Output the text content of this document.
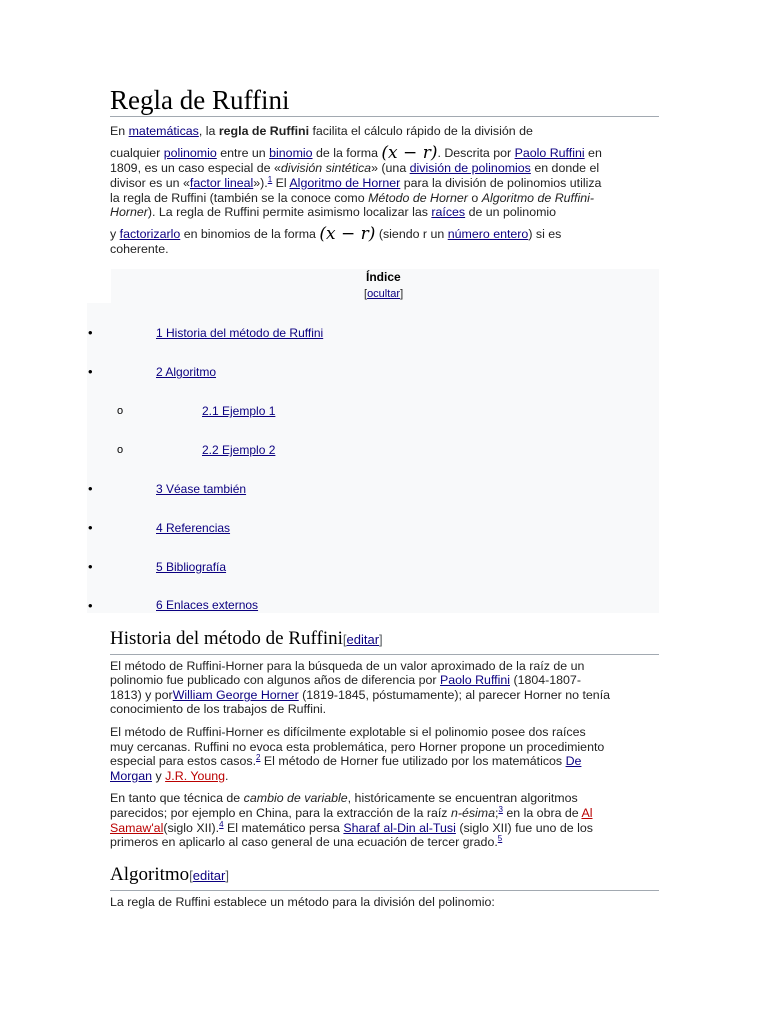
Regla de Ruffini

En matemáticas, la regla de Ruffini facilita el cálculo rápido de la división de

cualquier polinomio entre un binomio de la forma (x − r). Descrita por Paolo Ruffini en

1809, es un caso especial de «división sintética» (una división de polinomios en donde el

divisor es un «factor lineal»).$^1$ El Algoritmo de Horner para la división de polinomios utiliza

la regla de Ruffini (también se la conoce como Método de Horner o Algoritmo de Ruffini-

Horner). La regla de Ruffini permite asimismo localizar las raíces de un polinomio

y factorizarlo en binomios de la forma (x − r) (siendo r un número entero) si es

coherente.

Índice
[ocultar]
•	1 Historia del método de Ruffini
•	2 Algoritmo
o	2.1 Ejemplo 1
o	2.2 Ejemplo 2
•	3 Véase también
•	4 Referencias
•	5 Bibliografía
•	6 Enlaces externos
Historia del método de Ruffini[editar]

El método de Ruffini-Horner para la búsqueda de un valor aproximado de la raíz de un

polinomio fue publicado con algunos años de diferencia por Paolo Ruffini (1804-1807-

1813) y porWilliam George Horner (1819-1845, póstumamente); al parecer Horner no tenía

conocimiento de los trabajos de Ruffini.

El método de Ruffini-Horner es difícilmente explotable si el polinomio posee dos raíces

muy cercanas. Ruffini no evoca esta problemática, pero Horner propone un procedimiento

especial para estos casos.$^2$ El método de Horner fue utilizado por los matemáticos De

Morgan y J.R. Young.

En tanto que técnica de cambio de variable, históricamente se encuentran algoritmos

parecidos; por ejemplo en China, para la extracción de la raíz n-ésima;$^3$ en la obra de Al

Samaw'al(siglo XII).$^4$ El matemático persa Sharaf al-Din al-Tusi (siglo XII) fue uno de los

primeros en aplicarlo al caso general de una ecuación de tercer grado.$^5$

Algoritmo[editar]

La regla de Ruffini establece un método para la división del polinomio:
